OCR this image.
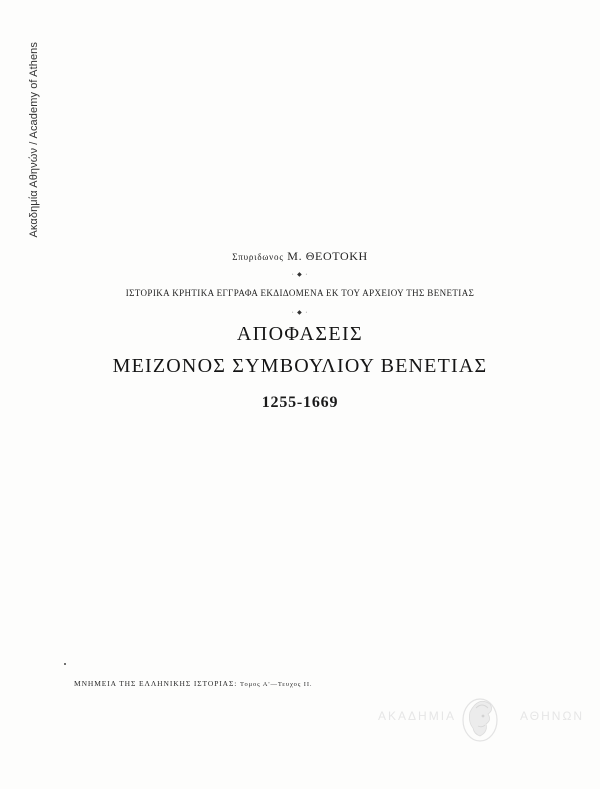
Ακαδημία Αθηνών / Academy of Athens
Σπυριδωνος Μ. ΘΕΟΤΟΚΗ
· ◆ ·
ΙΣΤΟΡΙΚΑ ΚΡΗΤΙΚΑ ΕΓΓΡΑΦΑ ΕΚΔΙΔΟΜΕΝΑ ΕΚ ΤΟΥ ΑΡΧΕΙΟΥ ΤΗΣ ΒΕΝΕΤΙΑΣ
· ◆ ·
ΑΠΟΦΑΣΕΙΣ
ΜΕΙΖΟΝΟΣ ΣΥΜΒΟΥΛΙΟΥ ΒΕΝΕΤΙΑΣ
1255-1669
ΜΝΗΜΕΙΑ ΤΗΣ ΕΛΛΗΝΙΚΗΣ ΙΣΤΟΡΙΑΣ: Τομος Α'—Τευχος ΙΙ.
ΑΚΑΔΗΜΙΑ	ΑΘΗΝΩΝ
